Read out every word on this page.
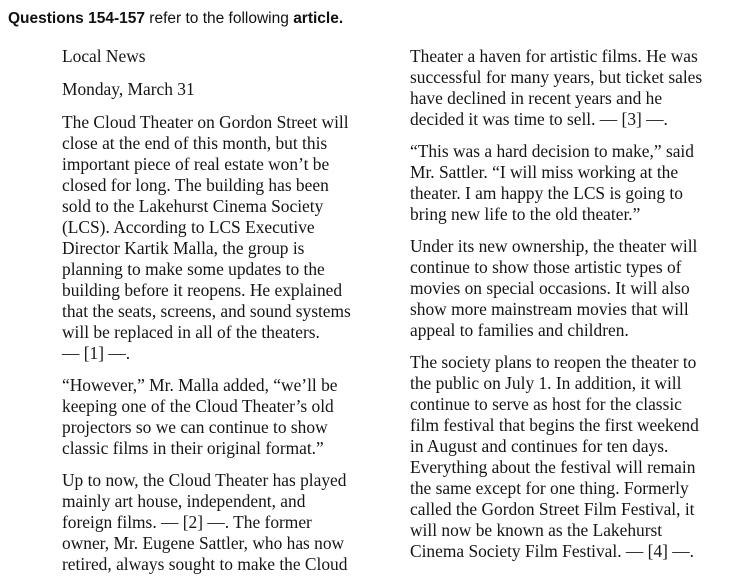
Questions 154-157 refer to the following article.
Local News
Monday, March 31
The Cloud Theater on Gordon Street will
close at the end of this month, but this
important piece of real estate won’t be
closed for long. The building has been
sold to the Lakehurst Cinema Society
(LCS). According to LCS Executive
Director Kartik Malla, the group is
planning to make some updates to the
building before it reopens. He explained
that the seats, screens, and sound systems
will be replaced in all of the theaters.
— [1] —.
“However,” Mr. Malla added, “we’ll be
keeping one of the Cloud Theater’s old
projectors so we can continue to show
classic films in their original format.”
Up to now, the Cloud Theater has played
mainly art house, independent, and
foreign films. — [2] —. The former
owner, Mr. Eugene Sattler, who has now
retired, always sought to make the Cloud
Theater a haven for artistic films. He was
successful for many years, but ticket sales
have declined in recent years and he
decided it was time to sell. — [3] —.
“This was a hard decision to make,” said
Mr. Sattler. “I will miss working at the
theater. I am happy the LCS is going to
bring new life to the old theater.”
Under its new ownership, the theater will
continue to show those artistic types of
movies on special occasions. It will also
show more mainstream movies that will
appeal to families and children.
The society plans to reopen the theater to
the public on July 1. In addition, it will
continue to serve as host for the classic
film festival that begins the first weekend
in August and continues for ten days.
Everything about the festival will remain
the same except for one thing. Formerly
called the Gordon Street Film Festival, it
will now be known as the Lakehurst
Cinema Society Film Festival. — [4] —.
